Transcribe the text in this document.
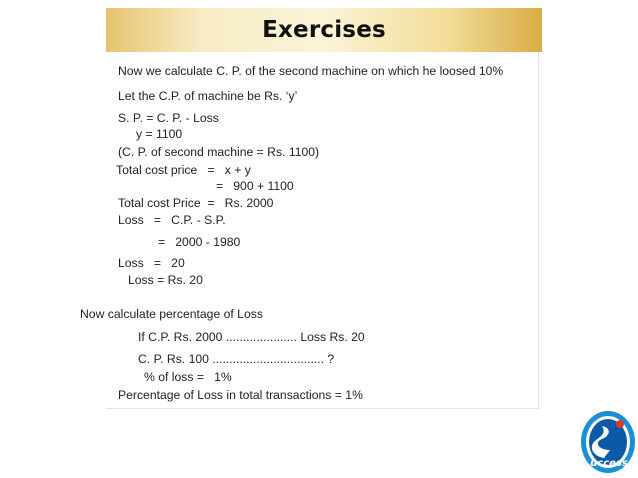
Exercises
Now we calculate C. P. of the second machine on which he loosed 10%
Let the C.P. of machine be Rs. ‘y’
S. P. = C. P. - Loss
y = 1100
(C. P. of second machine = Rs. 1100)
Total cost price   =   x + y
=   900 + 1100
Total cost Price  =   Rs. 2000
Loss   =   C.P. - S.P.
=   2000 - 1980
Loss   =   20
Loss = Rs. 20
Now calculate percentage of Loss
If C.P. Rs. 2000 ..................... Loss Rs. 20
C. P. Rs. 100 ................................. ?
% of loss =   1%
Percentage of Loss in total transactions = 1%
uccess
